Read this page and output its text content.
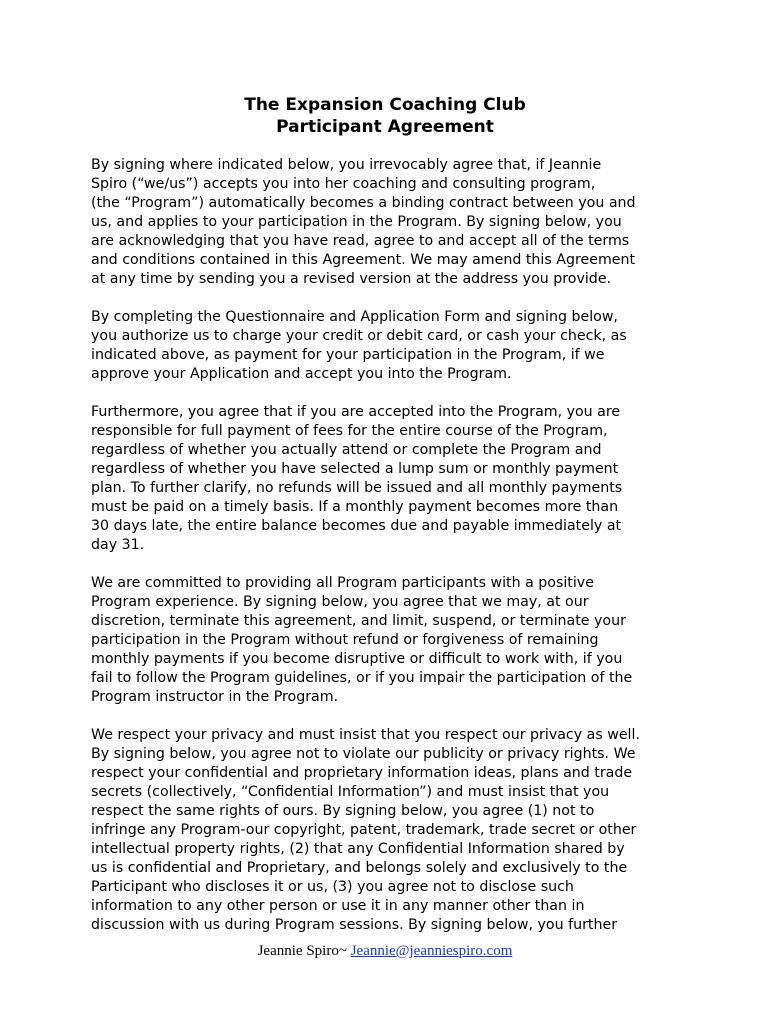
The Expansion Coaching Club
Participant Agreement
By signing where indicated below, you irrevocably agree that, if Jeannie
Spiro (“we/us”) accepts you into her coaching and consulting program,
(the “Program”) automatically becomes a binding contract between you and
us, and applies to your participation in the Program. By signing below, you
are acknowledging that you have read, agree to and accept all of the terms
and conditions contained in this Agreement. We may amend this Agreement
at any time by sending you a revised version at the address you provide.
By completing the Questionnaire and Application Form and signing below,
you authorize us to charge your credit or debit card, or cash your check, as
indicated above, as payment for your participation in the Program, if we
approve your Application and accept you into the Program.
Furthermore, you agree that if you are accepted into the Program, you are
responsible for full payment of fees for the entire course of the Program,
regardless of whether you actually attend or complete the Program and
regardless of whether you have selected a lump sum or monthly payment
plan. To further clarify, no refunds will be issued and all monthly payments
must be paid on a timely basis. If a monthly payment becomes more than
30 days late, the entire balance becomes due and payable immediately at
day 31.
We are committed to providing all Program participants with a positive
Program experience. By signing below, you agree that we may, at our
discretion, terminate this agreement, and limit, suspend, or terminate your
participation in the Program without refund or forgiveness of remaining
monthly payments if you become disruptive or difficult to work with, if you
fail to follow the Program guidelines, or if you impair the participation of the
Program instructor in the Program.
We respect your privacy and must insist that you respect our privacy as well.
By signing below, you agree not to violate our publicity or privacy rights. We
respect your confidential and proprietary information ideas, plans and trade
secrets (collectively, “Confidential Information”) and must insist that you
respect the same rights of ours. By signing below, you agree (1) not to
infringe any Program-our copyright, patent, trademark, trade secret or other
intellectual property rights, (2) that any Confidential Information shared by
us is confidential and Proprietary, and belongs solely and exclusively to the
Participant who discloses it or us, (3) you agree not to disclose such
information to any other person or use it in any manner other than in
discussion with us during Program sessions. By signing below, you further
Jeannie Spiro~ Jeannie@jeanniespiro.com
